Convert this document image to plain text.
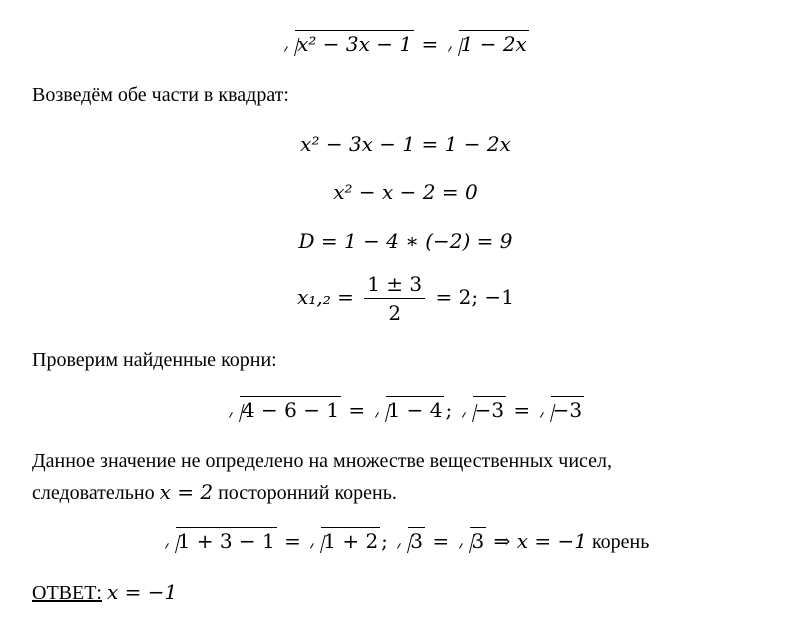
x² − 3x − 1 = 1 − 2x
Возведём обе части в квадрат:
x² − 3x − 1 = 1 − 2x
x² − x − 2 = 0
D = 1 − 4 ∗ (−2) = 9
$x_1,_2 = \frac{1 \pm 3}{2} = 2$; −1
Проверим найденные корни:
4 − 6 − 1 = 1 − 4 ; −3 = −3
Данное значение не определено на множестве вещественных чисел,
следовательно x = 2 посторонний корень.
1 + 3 − 1 = 1 + 2 ; 3 = 3 ⇒ x = −1 корень
ОТВЕТ: x = −1
